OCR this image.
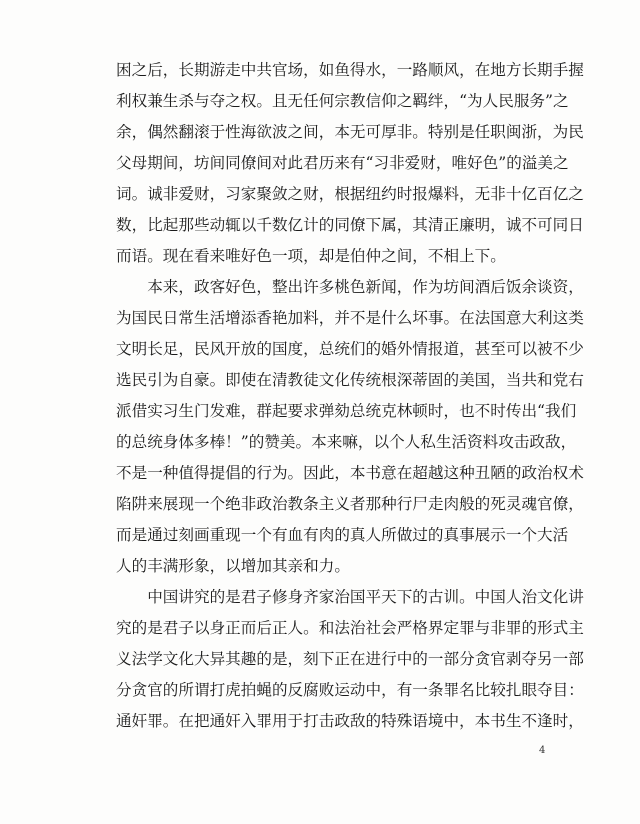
困之后，长期游走中共官场，如鱼得水，一路顺风，在地方长期手握
利权兼生杀与夺之权。且无任何宗教信仰之羁绊，“为人民服务”之
余，偶然翻滚于性海欲波之间，本无可厚非。特别是任职闽浙，为民
父母期间，坊间同僚间对此君历来有“习非爱财，唯好色”的溢美之
词。诚非爱财，习家聚敛之财，根据纽约时报爆料，无非十亿百亿之
数，比起那些动辄以千数亿计的同僚下属，其清正廉明，诚不可同日
而语。现在看来唯好色一项，却是伯仲之间，不相上下。
　　本来，政客好色，整出许多桃色新闻，作为坊间酒后饭余谈资，
为国民日常生活增添香艳加料，并不是什么坏事。在法国意大利这类
文明长足，民风开放的国度，总统们的婚外情报道，甚至可以被不少
选民引为自豪。即使在清教徒文化传统根深蒂固的美国，当共和党右
派借实习生门发难，群起要求弹劾总统克林顿时，也不时传出“我们
的总统身体多棒！”的赞美。本来嘛，以个人私生活资料攻击政敌，
不是一种值得提倡的行为。因此，本书意在超越这种丑陋的政治权术
陷阱来展现一个绝非政治教条主义者那种行尸走肉般的死灵魂官僚，
而是通过刻画重现一个有血有肉的真人所做过的真事展示一个大活
人的丰满形象，以增加其亲和力。
　　中国讲究的是君子修身齐家治国平天下的古训。中国人治文化讲
究的是君子以身正而后正人。和法治社会严格界定罪与非罪的形式主
义法学文化大异其趣的是，刻下正在进行中的一部分贪官剥夺另一部
分贪官的所谓打虎拍蝇的反腐败运动中，有一条罪名比较扎眼夺目：
通奸罪。在把通奸入罪用于打击政敌的特殊语境中，本书生不逢时，
4
